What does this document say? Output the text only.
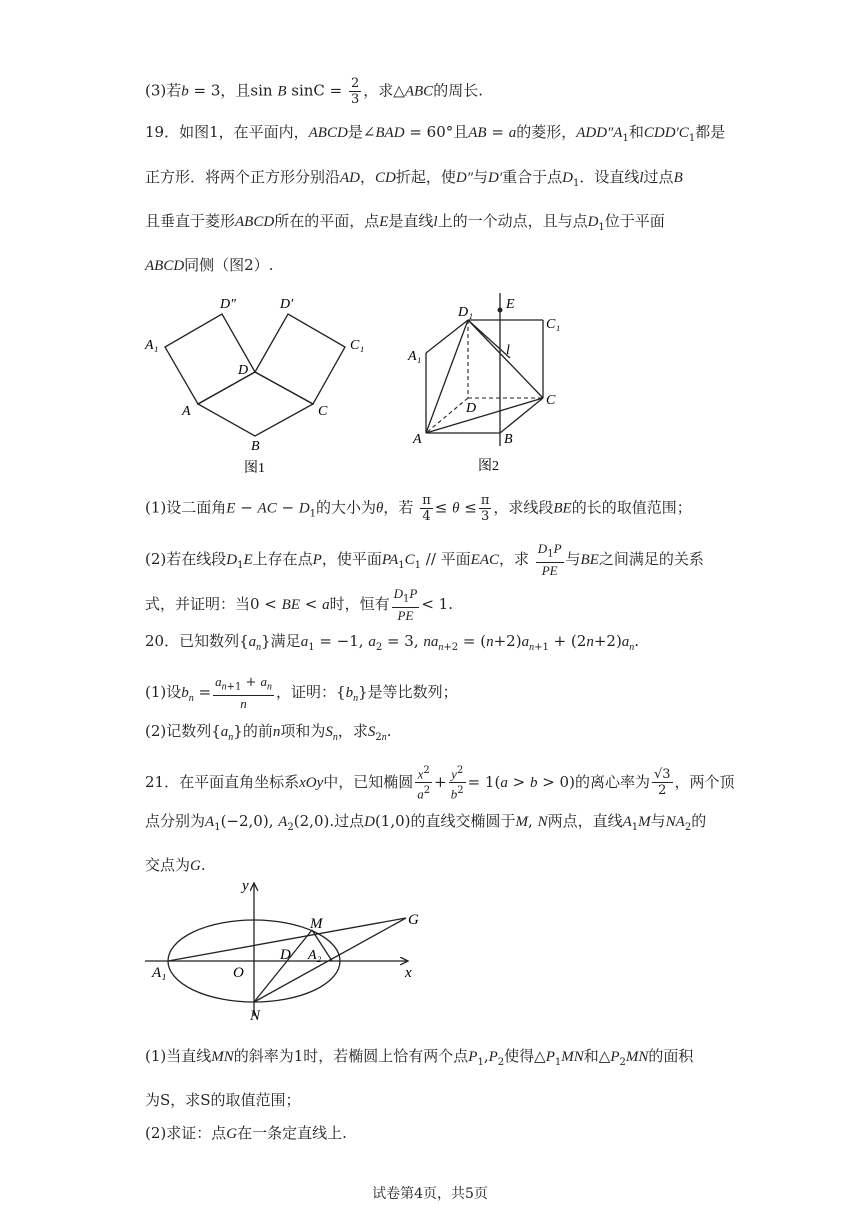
(3)若b = 3，且sin B $\sin C = \frac{2}{3}$ ，求△ABC的周长.
19．如图1，在平面内，ABCD是∠BAD = 60°且AB = a的菱形，$ADD''A_1$和$CDD'C_1$都是
正方形．将两个正方形分别沿AD，CD折起，使D″与D′重合于点$D_1$．设直线l过点B
且垂直于菱形ABCD所在的平面，点E是直线l上的一个动点，且与点$D_1$位于平面
ABCD同侧（图2）.
A₁
D″
D
D′
C₁
A	C
B
图1
D₁
E
C₁
A₁	l
D
C
A	B
图2
(1)设二面角E − AC − $D_1$的大小为θ，若 $\frac{\pi}{4} \le \theta \le \frac{\pi}{3}$ ，求线段BE的长的取值范围；
(2)若在线段$D_1E$上存在点P，使平面$PA_1C_1$ // 平面EAC，求 $\frac{D_1P}{PE}$ 与BE之间满足的关系
式，并证明：当0 < BE < a时，恒有 $\frac{D_1P}{PE} < 1$.
20．已知数列$\{a_n\}$满足$a_1 = -1$, $a_2 = 3$, $na_{n+2} = (n+2)a_{n+1} + (2n+2)a_n$.
(1)设$b_n = \frac{a_{n+1} + a_n}{n}$ ，证明：$\{b_n\}$是等比数列；
(2)记数列$\{a_n\}$的前n项和为$S_n$，求$S_{2n}$.
21．在平面直角坐标系xOy中，已知椭圆 $\frac{x^2}{a^2} + \frac{y^2}{b^2} = 1(a > b > 0)$的离心率为 $\frac{√3}{2}$ ，两个顶
点分别为$A_1(-2,0)$, $A_2(2,0)$.过点D(1,0)的直线交椭圆于M, N两点，直线$A_1M$与$NA_2$的
交点为G.
y
M	G
D A₂
A₁	O	x
N
(1)当直线MN的斜率为1时，若椭圆上恰有两个点$P_1,P_2$使得$\triangle P_1MN$和$\triangle P_2MN$的面积
为S，求S的取值范围；
(2)求证：点G在一条定直线上.
试卷第4页，共5页
